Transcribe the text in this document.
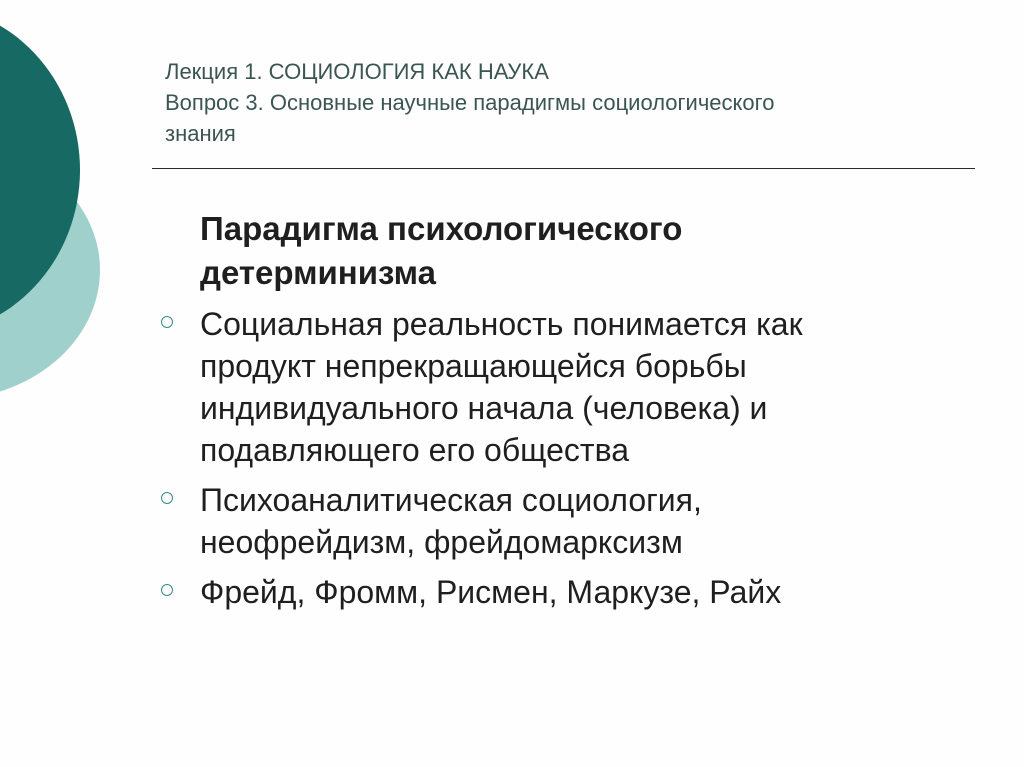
Лекция 1. СОЦИОЛОГИЯ КАК НАУКА
Вопрос 3. Основные научные парадигмы социологического
знания
Парадигма психологического
детерминизма
Социальная реальность понимается как
продукт непрекращающейся борьбы
индивидуального начала (человека) и
подавляющего его общества
Психоаналитическая социология,
неофрейдизм, фрейдомарксизм
Фрейд, Фромм, Рисмен, Маркузе, Райх
